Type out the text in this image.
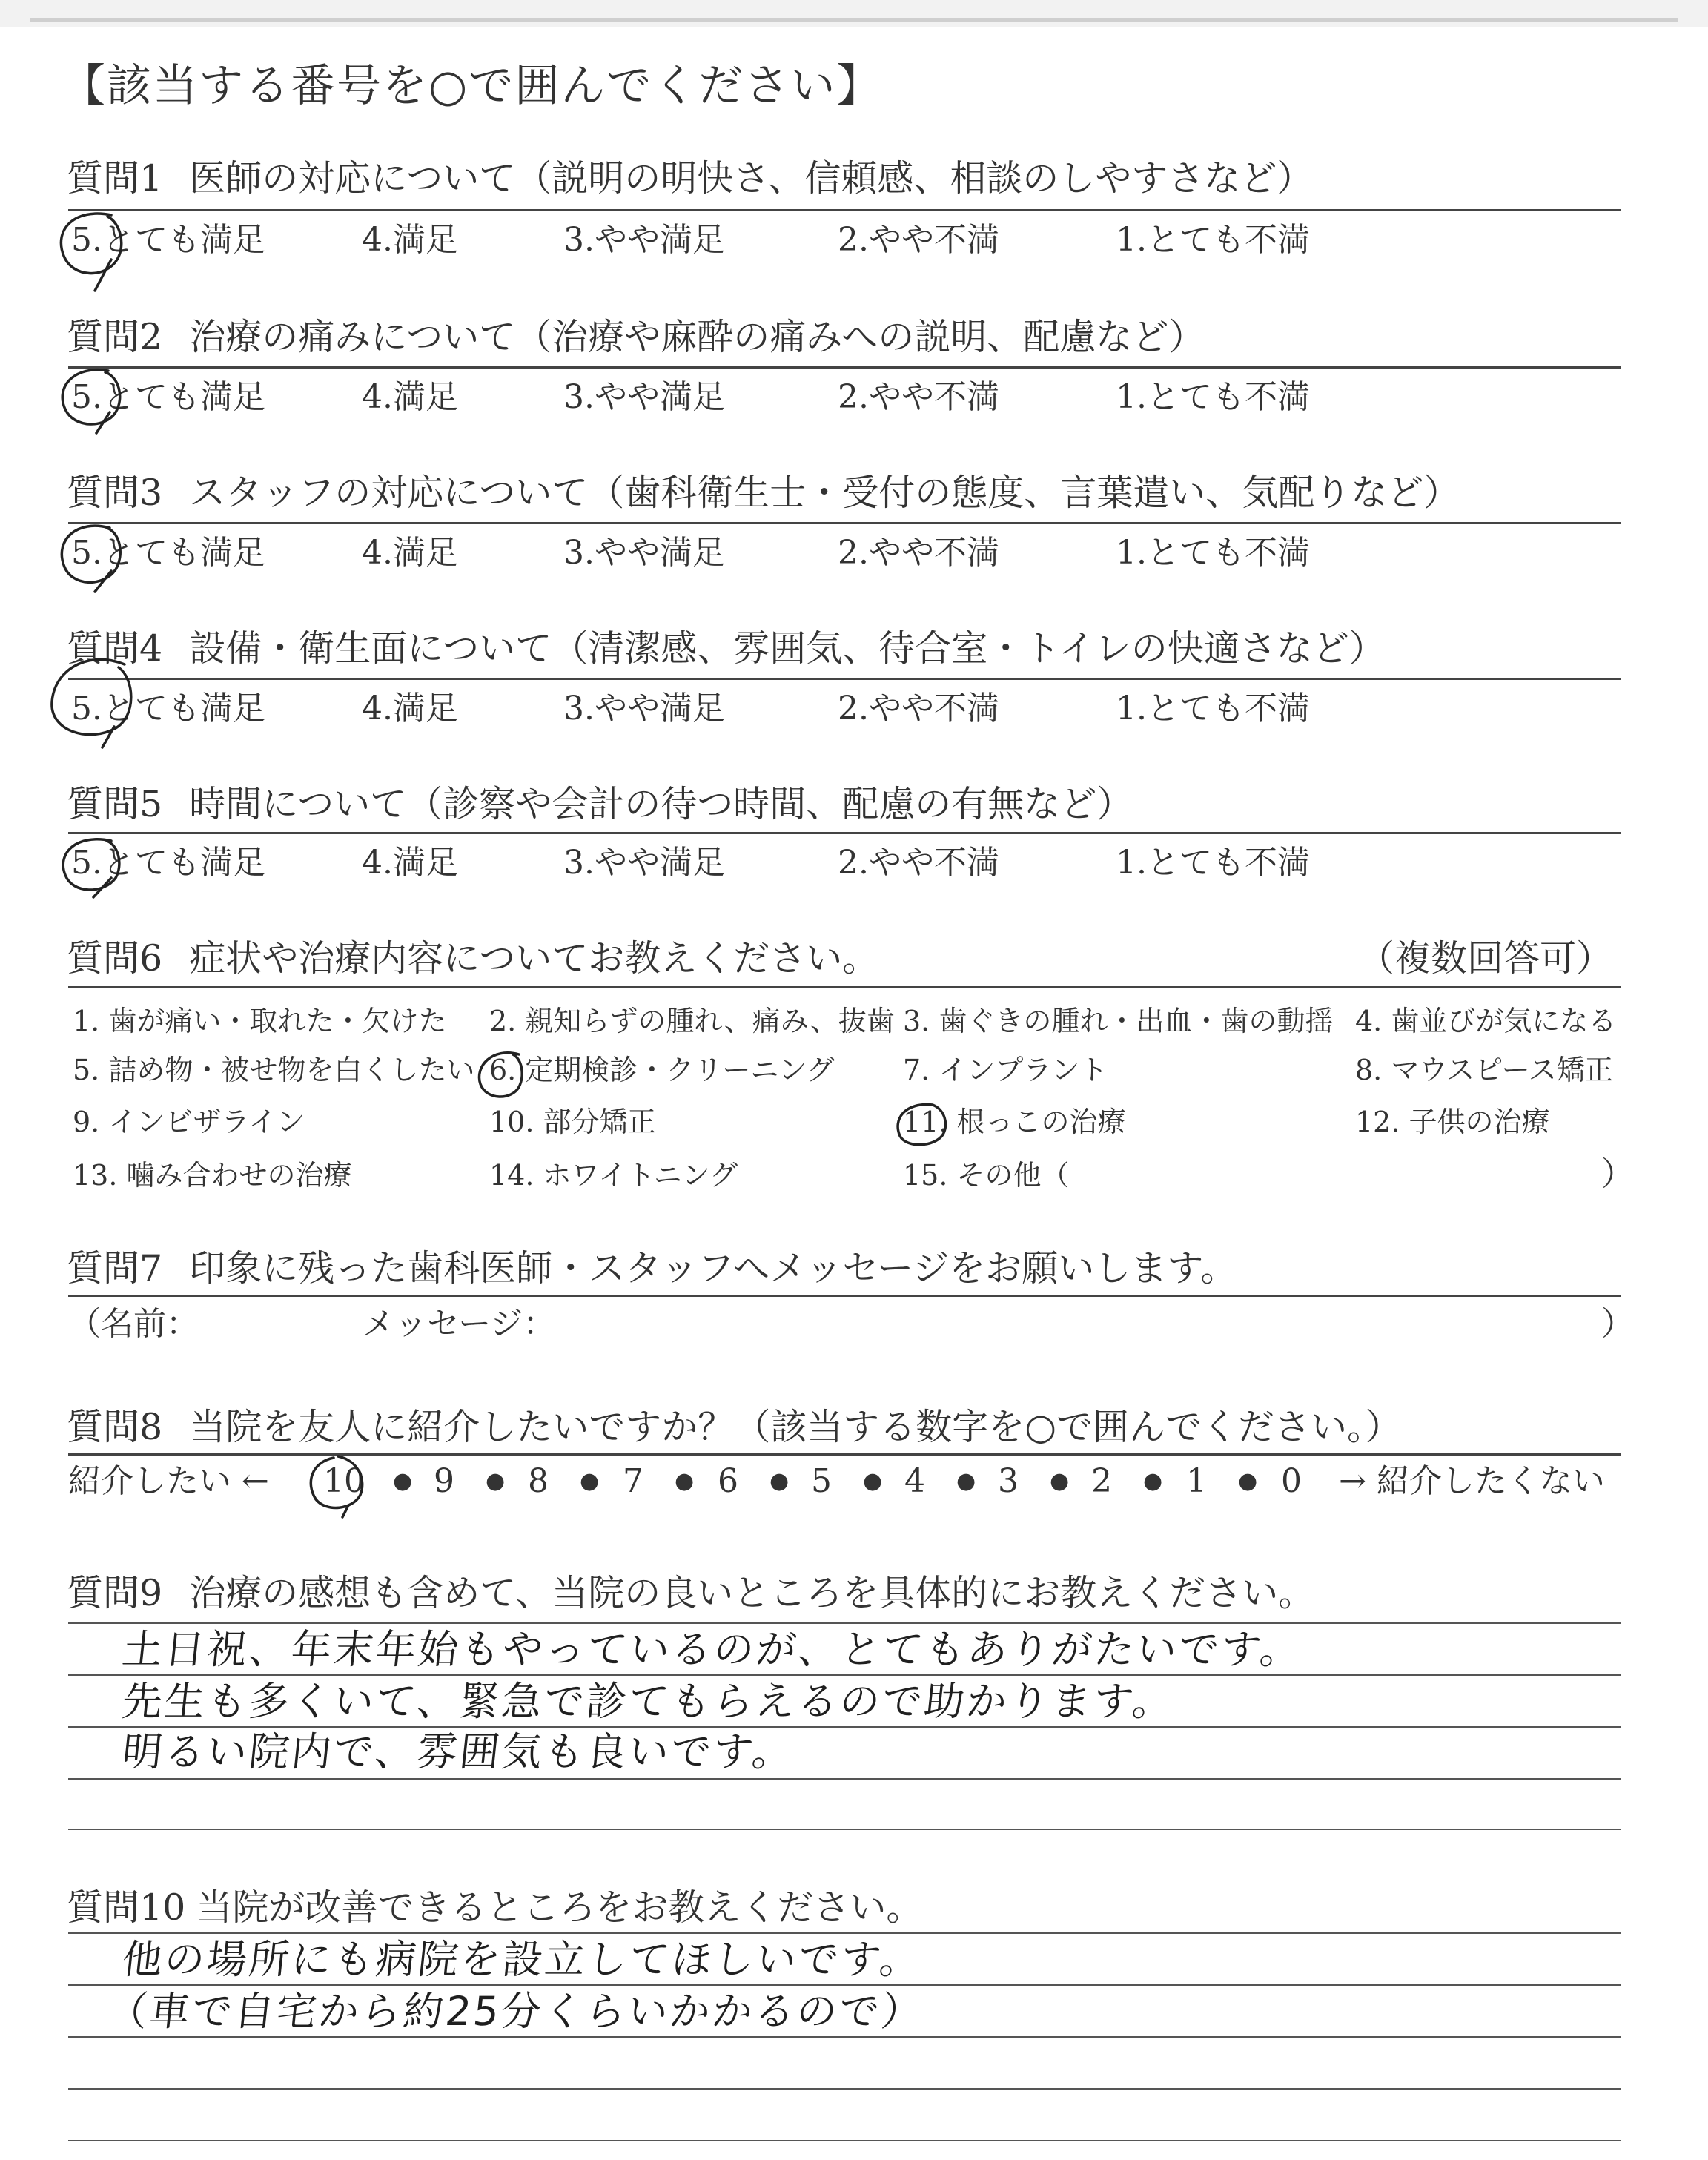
【該当する番号を○で囲んでください】
質問1 医師の対応について（説明の明快さ、信頼感、相談のしやすさなど）
5.とても満足	4.満足	3.やや満足	2.やや不満	1.とても不満
質問2 治療の痛みについて（治療や麻酔の痛みへの説明、配慮など）
5.とても満足	4.満足	3.やや満足	2.やや不満	1.とても不満
質問3 スタッフの対応について（歯科衛生士・受付の態度、言葉遣い、気配りなど）
5.とても満足	4.満足	3.やや満足	2.やや不満	1.とても不満
質問4 設備・衛生面について（清潔感、雰囲気、待合室・トイレの快適さなど）
5.とても満足	4.満足	3.やや満足	2.やや不満	1.とても不満
質問5 時間について（診察や会計の待つ時間、配慮の有無など）
5.とても満足	4.満足	3.やや満足	2.やや不満	1.とても不満
質問6 症状や治療内容についてお教えください。	（複数回答可）
1. 歯が痛い・取れた・欠けた 2. 親知らずの腫れ、痛み、抜歯 3. 歯ぐきの腫れ・出血・歯の動揺 4. 歯並びが気になる
5. 詰め物・被せ物を白くしたい 6. 定期検診・クリーニング 7. インプラント	8. マウスピース矯正
9. インビザライン	10. 部分矯正	11. 根っこの治療	12. 子供の治療
13. 噛み合わせの治療	14. ホワイトニング	15. その他（	）
質問7 印象に残った歯科医師・スタッフへメッセージをお願いします。
（名前：	メッセージ：	）
質問8 当院を友人に紹介したいですか？（該当する数字を○で囲んでください。）
紹介したい ← 10 ● 9 ● 8 ● 7 ● 6 ● 5 ● 4 ● 3 ● 2 ● 1 ● 0 → 紹介したくない
質問9 治療の感想も含めて、当院の良いところを具体的にお教えください。
土日祝、年末年始もやっているのが、とてもありがたいです。
先生も多くいて、緊急で診てもらえるので助かります。
明るい院内で、雰囲気も良いです。
質問10 当院が改善できるところをお教えください。
他の場所にも病院を設立してほしいです。
（車で自宅から約25分くらいかかるので）
